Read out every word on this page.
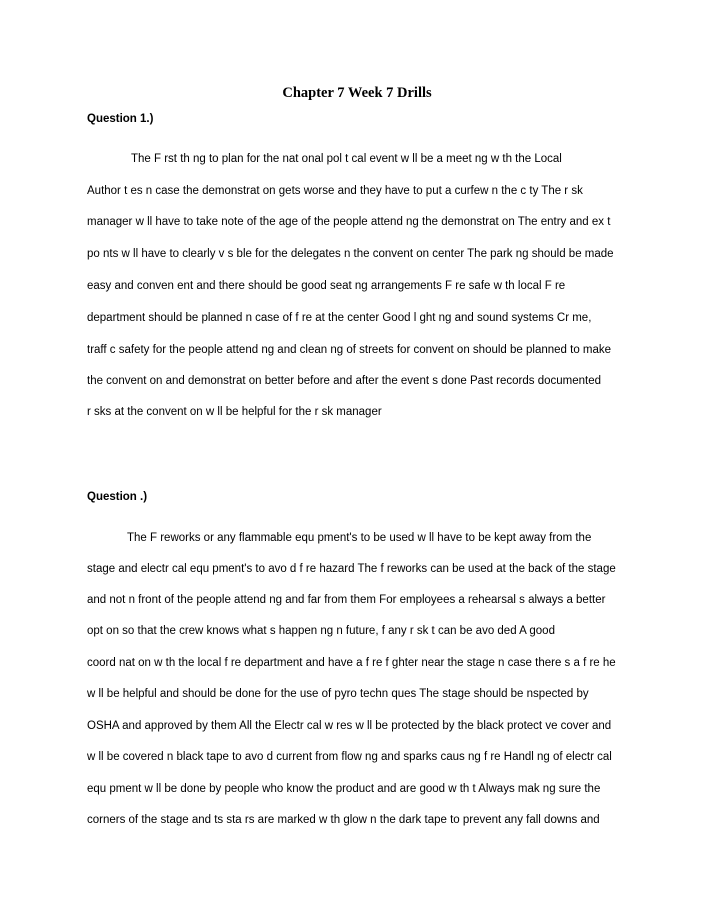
Chapter 7 Week 7 Drills
Question 1.)
The F rst th ng to plan for the nat onal pol t cal event w ll be a meet ng w th the Local
Author t es n case the demonstrat on gets worse and they have to put a curfew n the c ty The r sk
manager w ll have to take note of the age of the people attend ng the demonstrat on The entry and ex t
po nts w ll have to clearly v s ble for the delegates n the convent on center The park ng should be made
easy and conven ent and there should be good seat ng arrangements F re safe w th local F re
department should be planned n case of f re at the center Good l ght ng and sound systems Cr me,
traff c safety for the people attend ng and clean ng of streets for convent on should be planned to make
the convent on and demonstrat on better before and after the event s done Past records documented
r sks at the convent on w ll be helpful for the r sk manager
Question .)
The F reworks or any flammable equ pment's to be used w ll have to be kept away from the
stage and electr cal equ pment's to avo d f re hazard The f reworks can be used at the back of the stage
and not n front of the people attend ng and far from them For employees a rehearsal s always a better
opt on so that the crew knows what s happen ng n future, f any r sk t can be avo ded A good
coord nat on w th the local f re department and have a f re f ghter near the stage n case there s a f re he
w ll be helpful and should be done for the use of pyro techn ques The stage should be nspected by
OSHA and approved by them All the Electr cal w res w ll be protected by the black protect ve cover and
w ll be covered n black tape to avo d current from flow ng and sparks caus ng f re Handl ng of electr cal
equ pment w ll be done by people who know the product and are good w th t Always mak ng sure the
corners of the stage and ts sta rs are marked w th glow n the dark tape to prevent any fall downs and
